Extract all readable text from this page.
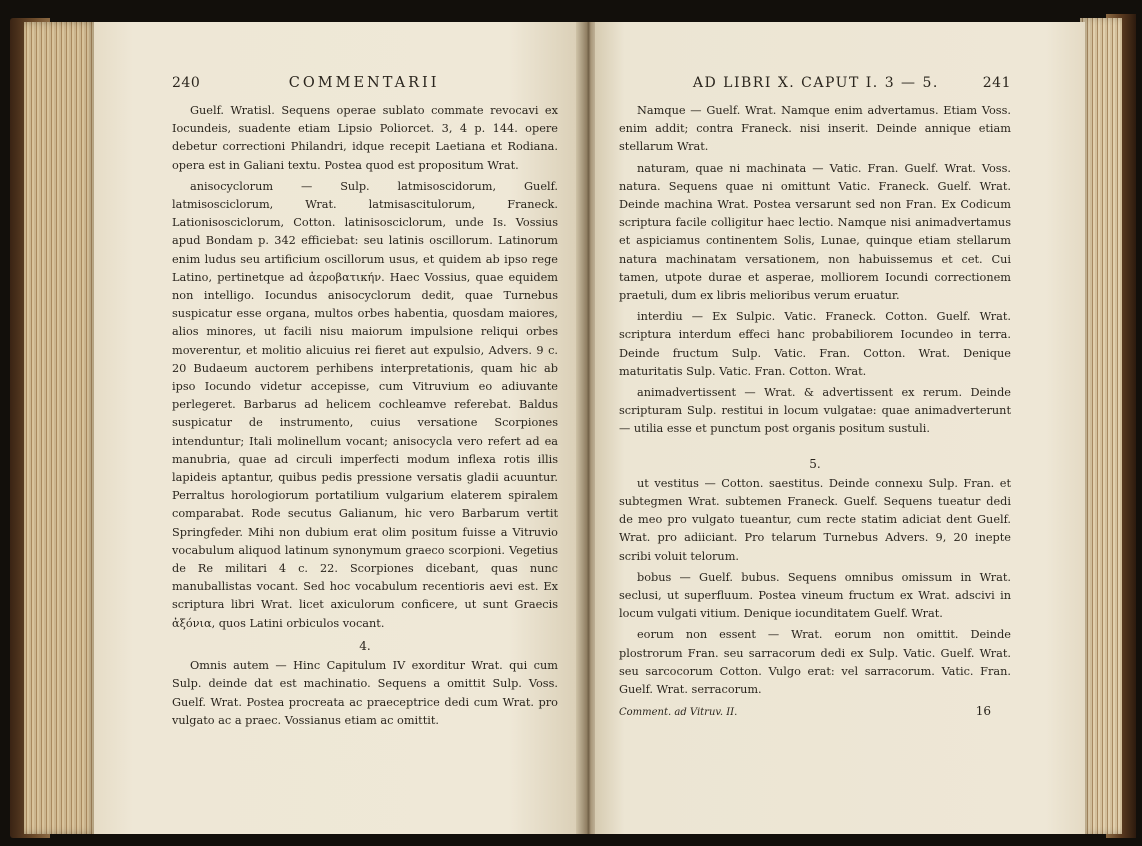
240	COMMENTARII

Guelf. Wratisl. Sequens operae sublato commate revocavi ex Iocundeis, suadente etiam Lipsio Poliorcet. 3, 4 p. 144. opere debetur correctioni Philandri, idque recepit Laetiana et Rodiana. opera est in Galiani textu. Postea quod est propositum Wrat.

anisocyclorum — Sulp. latmisoscidorum, Guelf. latmisosciclorum, Wrat. latmisascitulorum, Franeck. Lationisosciclorum, Cotton. latinisosciclorum, unde Is. Vossius apud Bondam p. 342 efficiebat: seu latinis oscillorum. Latinorum enim ludus seu artificium oscillorum usus, et quidem ab ipso rege Latino, pertinetque ad ἀεροβατικήν. Haec Vossius, quae equidem non intelligo. Iocundus anisocyclorum dedit, quae Turnebus suspicatur esse organa, multos orbes habentia, quosdam maiores, alios minores, ut facili nisu maiorum impulsione reliqui orbes moverentur, et molitio alicuius rei fieret aut expulsio, Advers. 9 c. 20 Budaeum auctorem perhibens interpretationis, quam hic ab ipso Iocundo videtur accepisse, cum Vitruvium eo adiuvante perlegeret. Barbarus ad helicem cochleamve referebat. Baldus suspicatur de instrumento, cuius versatione Scorpiones intenduntur; Itali molinellum vocant; anisocycla vero refert ad ea manubria, quae ad circuli imperfecti modum inflexa rotis illis lapideis aptantur, quibus pedis pressione versatis gladii acuuntur. Perraltus horologiorum portatilium vulgarium elaterem spiralem comparabat. Rode secutus Galianum, hic vero Barbarum vertit Springfeder. Mihi non dubium erat olim positum fuisse a Vitruvio vocabulum aliquod latinum synonymum graeco scorpioni. Vegetius de Re militari 4 c. 22. Scorpiones dicebant, quas nunc manuballistas vocant. Sed hoc vocabulum recentioris aevi est. Ex scriptura libri Wrat. licet axiculorum conficere, ut sunt Graecis ἀξόνια, quos Latini orbiculos vocant.

4.

Omnis autem — Hinc Capitulum IV exorditur Wrat. qui cum Sulp. deinde dat est machinatio. Sequens a omittit Sulp. Voss. Guelf. Wrat. Postea procreata ac praeceptrice dedi cum Wrat. pro vulgato ac a praec. Vossianus etiam ac omittit.

AD LIBRI X. CAPUT I. 3 — 5.	241

Namque — Guelf. Wrat. Namque enim advertamus. Etiam Voss. enim addit; contra Franeck. nisi inserit. Deinde annique etiam stellarum Wrat.

naturam, quae ni machinata — Vatic. Fran. Guelf. Wrat. Voss. natura. Sequens quae ni omittunt Vatic. Franeck. Guelf. Wrat. Deinde machina Wrat. Postea versarunt sed non Fran. Ex Codicum scriptura facile colligitur haec lectio. Namque nisi animadvertamus et aspiciamus continentem Solis, Lunae, quinque etiam stellarum natura machinatam versationem, non habuissemus et cet. Cui tamen, utpote durae et asperae, molliorem Iocundi correctionem praetuli, dum ex libris melioribus verum eruatur.

interdiu — Ex Sulpic. Vatic. Franeck. Cotton. Guelf. Wrat. scriptura interdum effeci hanc probabiliorem Iocundeo in terra. Deinde fructum Sulp. Vatic. Fran. Cotton. Wrat. Denique maturitatis Sulp. Vatic. Fran. Cotton. Wrat.

animadvertissent — Wrat. & advertissent ex rerum. Deinde scripturam Sulp. restitui in locum vulgatae: quae animadverterunt — utilia esse et punctum post organis positum sustuli.

5.

ut vestitus — Cotton. saestitus. Deinde connexu Sulp. Fran. et subtegmen Wrat. subtemen Franeck. Guelf. Sequens tueatur dedi de meo pro vulgato tueantur, cum recte statim adiciat dent Guelf. Wrat. pro adiiciant. Pro telarum Turnebus Advers. 9, 20 inepte scribi voluit telorum.

bobus — Guelf. bubus. Sequens omnibus omissum in Wrat. seclusi, ut superfluum. Postea vineum fructum ex Wrat. adscivi in locum vulgati vitium. Denique iocunditatem Guelf. Wrat.

eorum non essent — Wrat. eorum non omittit. Deinde plostrorum Fran. seu sarracorum dedi ex Sulp. Vatic. Guelf. Wrat. seu sarcocorum Cotton. Vulgo erat: vel sarracorum. Vatic. Fran. Guelf. Wrat. serracorum.

Comment. ad Vitruv. II.	16
